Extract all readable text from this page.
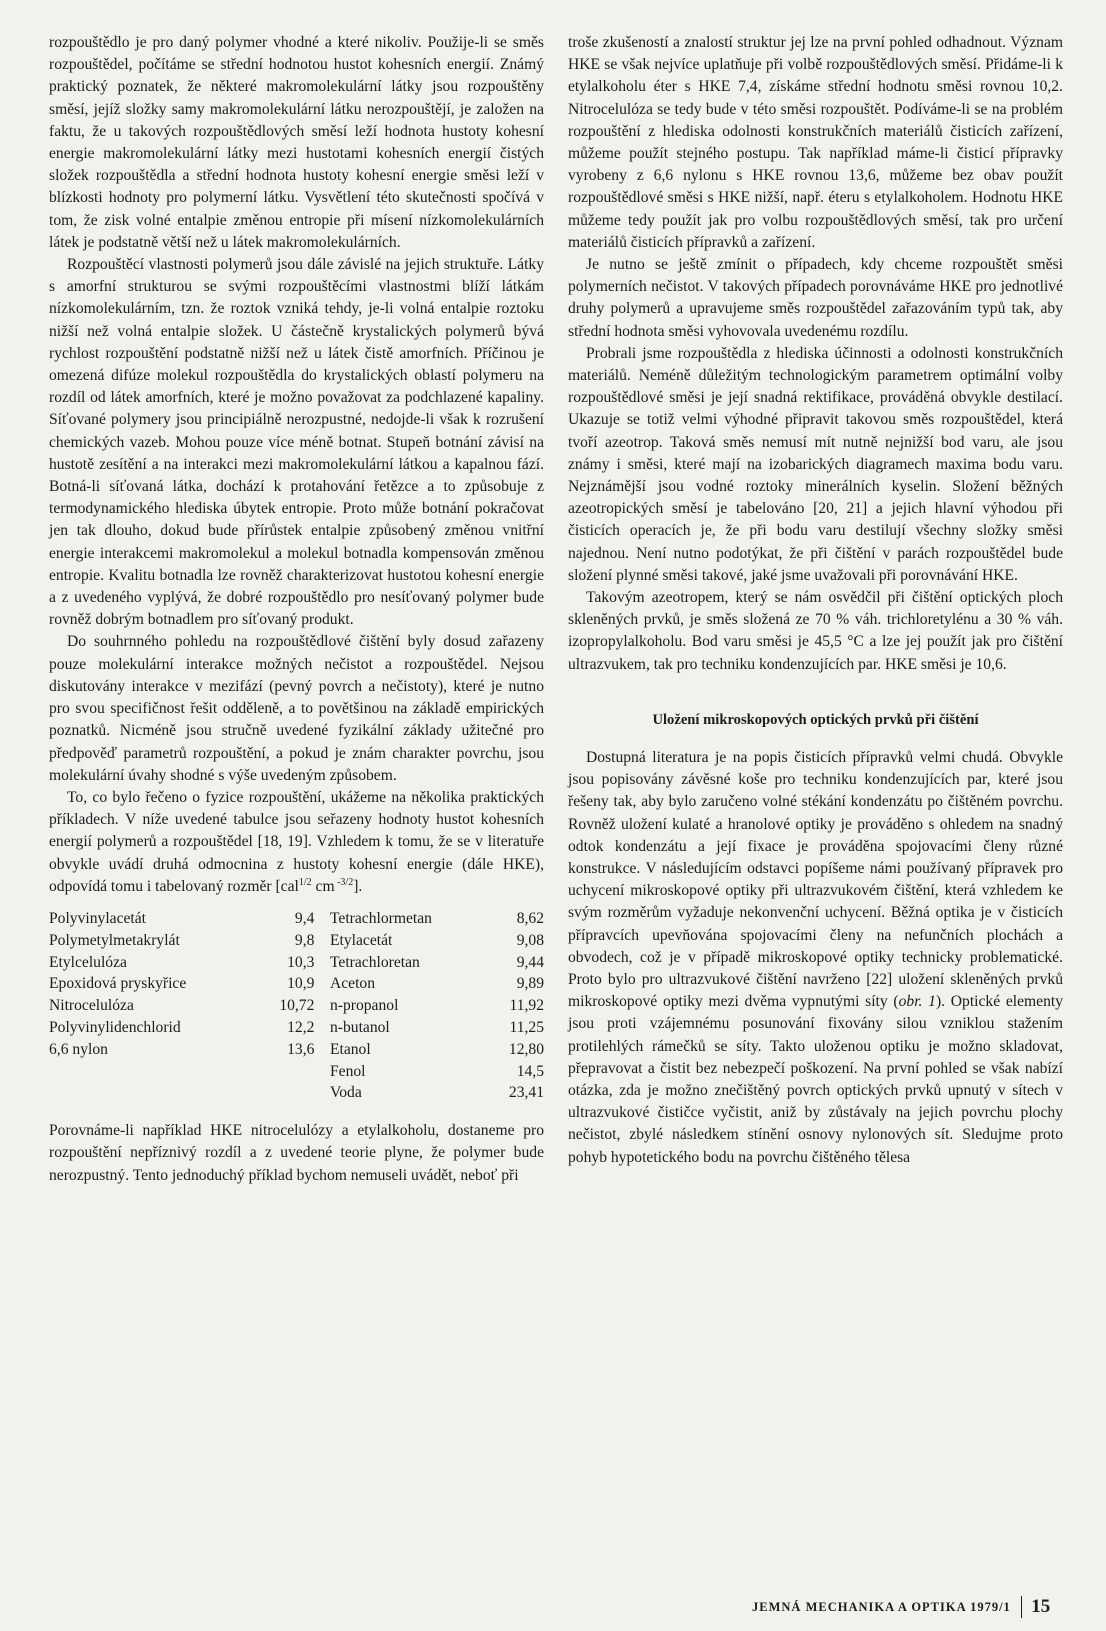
rozpouštědlo je pro daný polymer vhodné a které nikoliv. Použije-li se směs rozpouštědel, počítáme se střední hodnotou hustot kohesních energií. Známý praktický poznatek, že některé makromolekulární látky jsou rozpouštěny směsí, jejíž složky samy makromolekulární látku nerozpouštějí, je založen na faktu, že u takových rozpouštědlových směsí leží hodnota hustoty kohesní energie makromolekulární látky mezi hustotami kohesních energií čistých složek rozpouštědla a střední hodnota hustoty kohesní energie směsi leží v blízkosti hodnoty pro polymerní látku. Vysvětlení této skutečnosti spočívá v tom, že zisk volné entalpie změnou entropie při mísení nízkomolekulárních látek je podstatně větší než u látek makromolekulárních.

Rozpouštěcí vlastnosti polymerů jsou dále závislé na jejich struktuře. Látky s amorfní strukturou se svými rozpouštěcími vlastnostmi blíží látkám nízkomolekulárním, tzn. že roztok vzniká tehdy, je-li volná entalpie roztoku nižší než volná entalpie složek. U částečně krystalických polymerů bývá rychlost rozpouštění podstatně nižší než u látek čistě amorfních. Příčinou je omezená difúze molekul rozpouštědla do krystalických oblastí polymeru na rozdíl od látek amorfních, které je možno považovat za podchlazené kapaliny. Síťované polymery jsou principiálně nerozpustné, nedojde-li však k rozrušení chemických vazeb. Mohou pouze více méně botnat. Stupeň botnání závisí na hustotě zesítění a na interakci mezi makromolekulární látkou a kapalnou fází. Botná-li síťovaná látka, dochází k protahování řetězce a to způsobuje z termodynamického hlediska úbytek entropie. Proto může botnání pokračovat jen tak dlouho, dokud bude přírůstek entalpie způsobený změnou vnitřní energie interakcemi makromolekul a molekul botnadla kompensován změnou entropie. Kvalitu botnadla lze rovněž charakterizovat hustotou kohesní energie a z uvedeného vyplývá, že dobré rozpouštědlo pro nesíťovaný polymer bude rovněž dobrým botnadlem pro síťovaný produkt.

Do souhrnného pohledu na rozpouštědlové čištění byly dosud zařazeny pouze molekulární interakce možných nečistot a rozpouštědel. Nejsou diskutovány interakce v mezifází (pevný povrch a nečistoty), které je nutno pro svou specifičnost řešit odděleně, a to povětšinou na základě empirických poznatků. Nicméně jsou stručně uvedené fyzikální základy užitečné pro předpověď parametrů rozpouštění, a pokud je znám charakter povrchu, jsou molekulární úvahy shodné s výše uvedeným způsobem.

To, co bylo řečeno o fyzice rozpouštění, ukážeme na několika praktických příkladech. V níže uvedené tabulce jsou seřazeny hodnoty hustot kohesních energií polymerů a rozpouštědel [18, 19]. Vzhledem k tomu, že se v literatuře obvykle uvádí druhá odmocnina z hustoty kohesní energie (dále HKE), odpovídá tomu i tabelovaný rozměr [cal$^{1/2}$ cm $^{-3/2}$].

Polyvinylacetát	9,4		Tetrachlormetan	8,62
Polymetylmetakrylát	9,8		Etylacetát	9,08
Etylcelulóza	10,3		Tetrachloretan	9,44
Epoxidová pryskyřice	10,9		Aceton	9,89
Nitrocelulóza	10,72		n-propanol	11,92
Polyvinylidenchlorid	12,2		n-butanol	11,25
6,6 nylon	13,6		Etanol	12,80
			Fenol	14,5
			Voda	23,41

Porovnáme-li například HKE nitrocelulózy a etylalkoholu, dostaneme pro rozpouštění nepříznivý rozdíl a z uvedené teorie plyne, že polymer bude nerozpustný. Tento jednoduchý příklad bychom nemuseli uvádět, neboť při

troše zkušeností a znalostí struktur jej lze na první pohled odhadnout. Význam HKE se však nejvíce uplatňuje při volbě rozpouštědlových směsí. Přidáme-li k etylalkoholu éter s HKE 7,4, získáme střední hodnotu směsi rovnou 10,2. Nitrocelulóza se tedy bude v této směsi rozpouštět. Podíváme-li se na problém rozpouštění z hlediska odolnosti konstrukčních materiálů čisticích zařízení, můžeme použít stejného postupu. Tak například máme-li čisticí přípravky vyrobeny z 6,6 nylonu s HKE rovnou 13,6, můžeme bez obav použít rozpouštědlové směsi s HKE nižší, např. éteru s etylalkoholem. Hodnotu HKE můžeme tedy použít jak pro volbu rozpouštědlových směsí, tak pro určení materiálů čisticích přípravků a zařízení.

Je nutno se ještě zmínit o případech, kdy chceme rozpouštět směsi polymerních nečistot. V takových případech porovnáváme HKE pro jednotlivé druhy polymerů a upravujeme směs rozpouštědel zařazováním typů tak, aby střední hodnota směsi vyhovovala uvedenému rozdílu.

Probrali jsme rozpouštědla z hlediska účinnosti a odolnosti konstrukčních materiálů. Neméně důležitým technologickým parametrem optimální volby rozpouštědlové směsi je její snadná rektifikace, prováděná obvykle destilací. Ukazuje se totiž velmi výhodné připravit takovou směs rozpouštědel, která tvoří azeotrop. Taková směs nemusí mít nutně nejnižší bod varu, ale jsou známy i směsi, které mají na izobarických diagramech maxima bodu varu. Nejznámější jsou vodné roztoky minerálních kyselin. Složení běžných azeotropických směsí je tabelováno [20, 21] a jejich hlavní výhodou při čisticích operacích je, že při bodu varu destilují všechny složky směsi najednou. Není nutno podotýkat, že při čištění v parách rozpouštědel bude složení plynné směsi takové, jaké jsme uvažovali při porovnávání HKE.

Takovým azeotropem, který se nám osvědčil při čištění optických ploch skleněných prvků, je směs složená ze 70 % váh. trichloretylénu a 30 % váh. izopropylalkoholu. Bod varu směsi je 45,5 °C a lze jej použít jak pro čištění ultrazvukem, tak pro techniku kondenzujících par. HKE směsi je 10,6.

Uložení mikroskopových optických prvků při čištění

Dostupná literatura je na popis čisticích přípravků velmi chudá. Obvykle jsou popisovány závěsné koše pro techniku kondenzujících par, které jsou řešeny tak, aby bylo zaručeno volné stékání kondenzátu po čištěném povrchu. Rovněž uložení kulaté a hranolové optiky je prováděno s ohledem na snadný odtok kondenzátu a její fixace je prováděna spojovacími členy různé konstrukce. V následujícím odstavci popíšeme námi používaný přípravek pro uchycení mikroskopové optiky při ultrazvukovém čištění, která vzhledem ke svým rozměrům vyžaduje nekonvenční uchycení. Běžná optika je v čisticích přípravcích upevňována spojovacími členy na nefunčních plochách a obvodech, což je v případě mikroskopové optiky technicky problematické. Proto bylo pro ultrazvukové čištění navrženo [22] uložení skleněných prvků mikroskopové optiky mezi dvěma vypnutými síty (obr. 1). Optické elementy jsou proti vzájemnému posunování fixovány silou vzniklou stažením protilehlých rámečků se síty. Takto uloženou optiku je možno skladovat, přepravovat a čistit bez nebezpečí poškození. Na první pohled se však nabízí otázka, zda je možno znečištěný povrch optických prvků upnutý v sítech v ultrazvukové čističce vyčistit, aniž by zůstávaly na jejich povrchu plochy nečistot, zbylé následkem stínění osnovy nylonových sít. Sledujme proto pohyb hypotetického bodu na povrchu čištěného tělesa

JEMNÁ MECHANIKA A OPTIKA 1979/1 15
